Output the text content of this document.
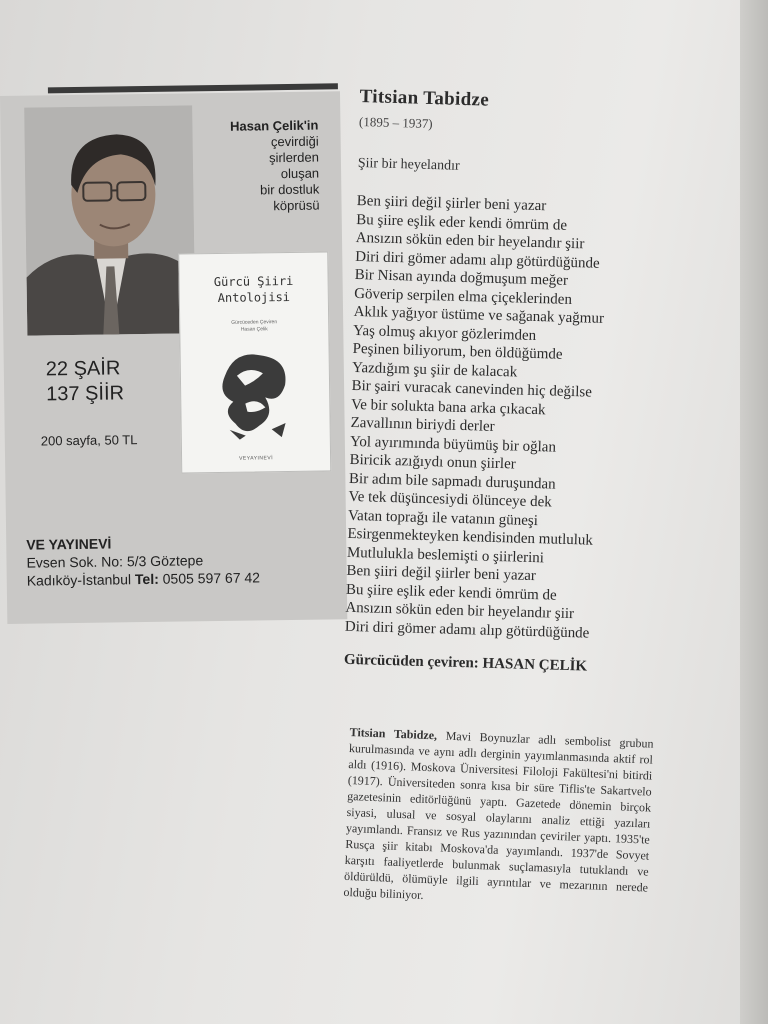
Hasan Çelik'in
çevirdiği
şirlerden
oluşan
bir dostluk
köprüsü
Gürcü Şiiri
Antolojisi
Gürcüceden Çeviren
Hasan Çelik
VEYAYINEVİ
22 ŞAİR
137 ŞİİR
200 sayfa, 50 TL
VE YAYINEVİ
Evsen Sok. No: 5/3 Göztepe
Kadıköy-İstanbul Tel: 0505 597 67 42
Titsian Tabidze
(1895 – 1937)
Şiir bir heyelandır
Ben şiiri değil şiirler beni yazar
Bu şiire eşlik eder kendi ömrüm de
Ansızın sökün eden bir heyelandır şiir
Diri diri gömer adamı alıp götürdüğünde
Bir Nisan ayında doğmuşum meğer
Göverip serpilen elma çiçeklerinden
Aklık yağıyor üstüme ve sağanak yağmur
Yaş olmuş akıyor gözlerimden
Peşinen biliyorum, ben öldüğümde
Yazdığım şu şiir de kalacak
Bir şairi vuracak canevinden hiç değilse
Ve bir solukta bana arka çıkacak
Zavallının biriydi derler
Yol ayırımında büyümüş bir oğlan
Biricik azığıydı onun şiirler
Bir adım bile sapmadı duruşundan
Ve tek düşüncesiydi ölünceye dek
Vatan toprağı ile vatanın güneşi
Esirgenmekteyken kendisinden mutluluk
Mutlulukla beslemişti o şiirlerini
Ben şiiri değil şiirler beni yazar
Bu şiire eşlik eder kendi ömrüm de
Ansızın sökün eden bir heyelandır şiir
Diri diri gömer adamı alıp götürdüğünde
Gürcücüden çeviren: HASAN ÇELİK
Titsian Tabidze, Mavi Boynuzlar adlı sembolist grubun kurulmasında ve aynı adlı derginin yayımlanmasında aktif rol aldı (1916). Moskova Üniversitesi Filoloji Fakültesi'ni bitirdi (1917). Üniversiteden sonra kısa bir süre Tiflis'te Sakartvelo gazetesinin editörlüğünü yaptı. Gazetede dönemin birçok siyasi, ulusal ve sosyal olaylarını analiz ettiği yazıları yayımlandı. Fransız ve Rus yazınından çeviriler yaptı. 1935'te Rusça şiir kitabı Moskova'da yayımlandı. 1937'de Sovyet karşıtı faaliyetlerde bulunmak suçlamasıyla tutuklandı ve öldürüldü, ölümüyle ilgili ayrıntılar ve mezarının nerede olduğu biliniyor.
